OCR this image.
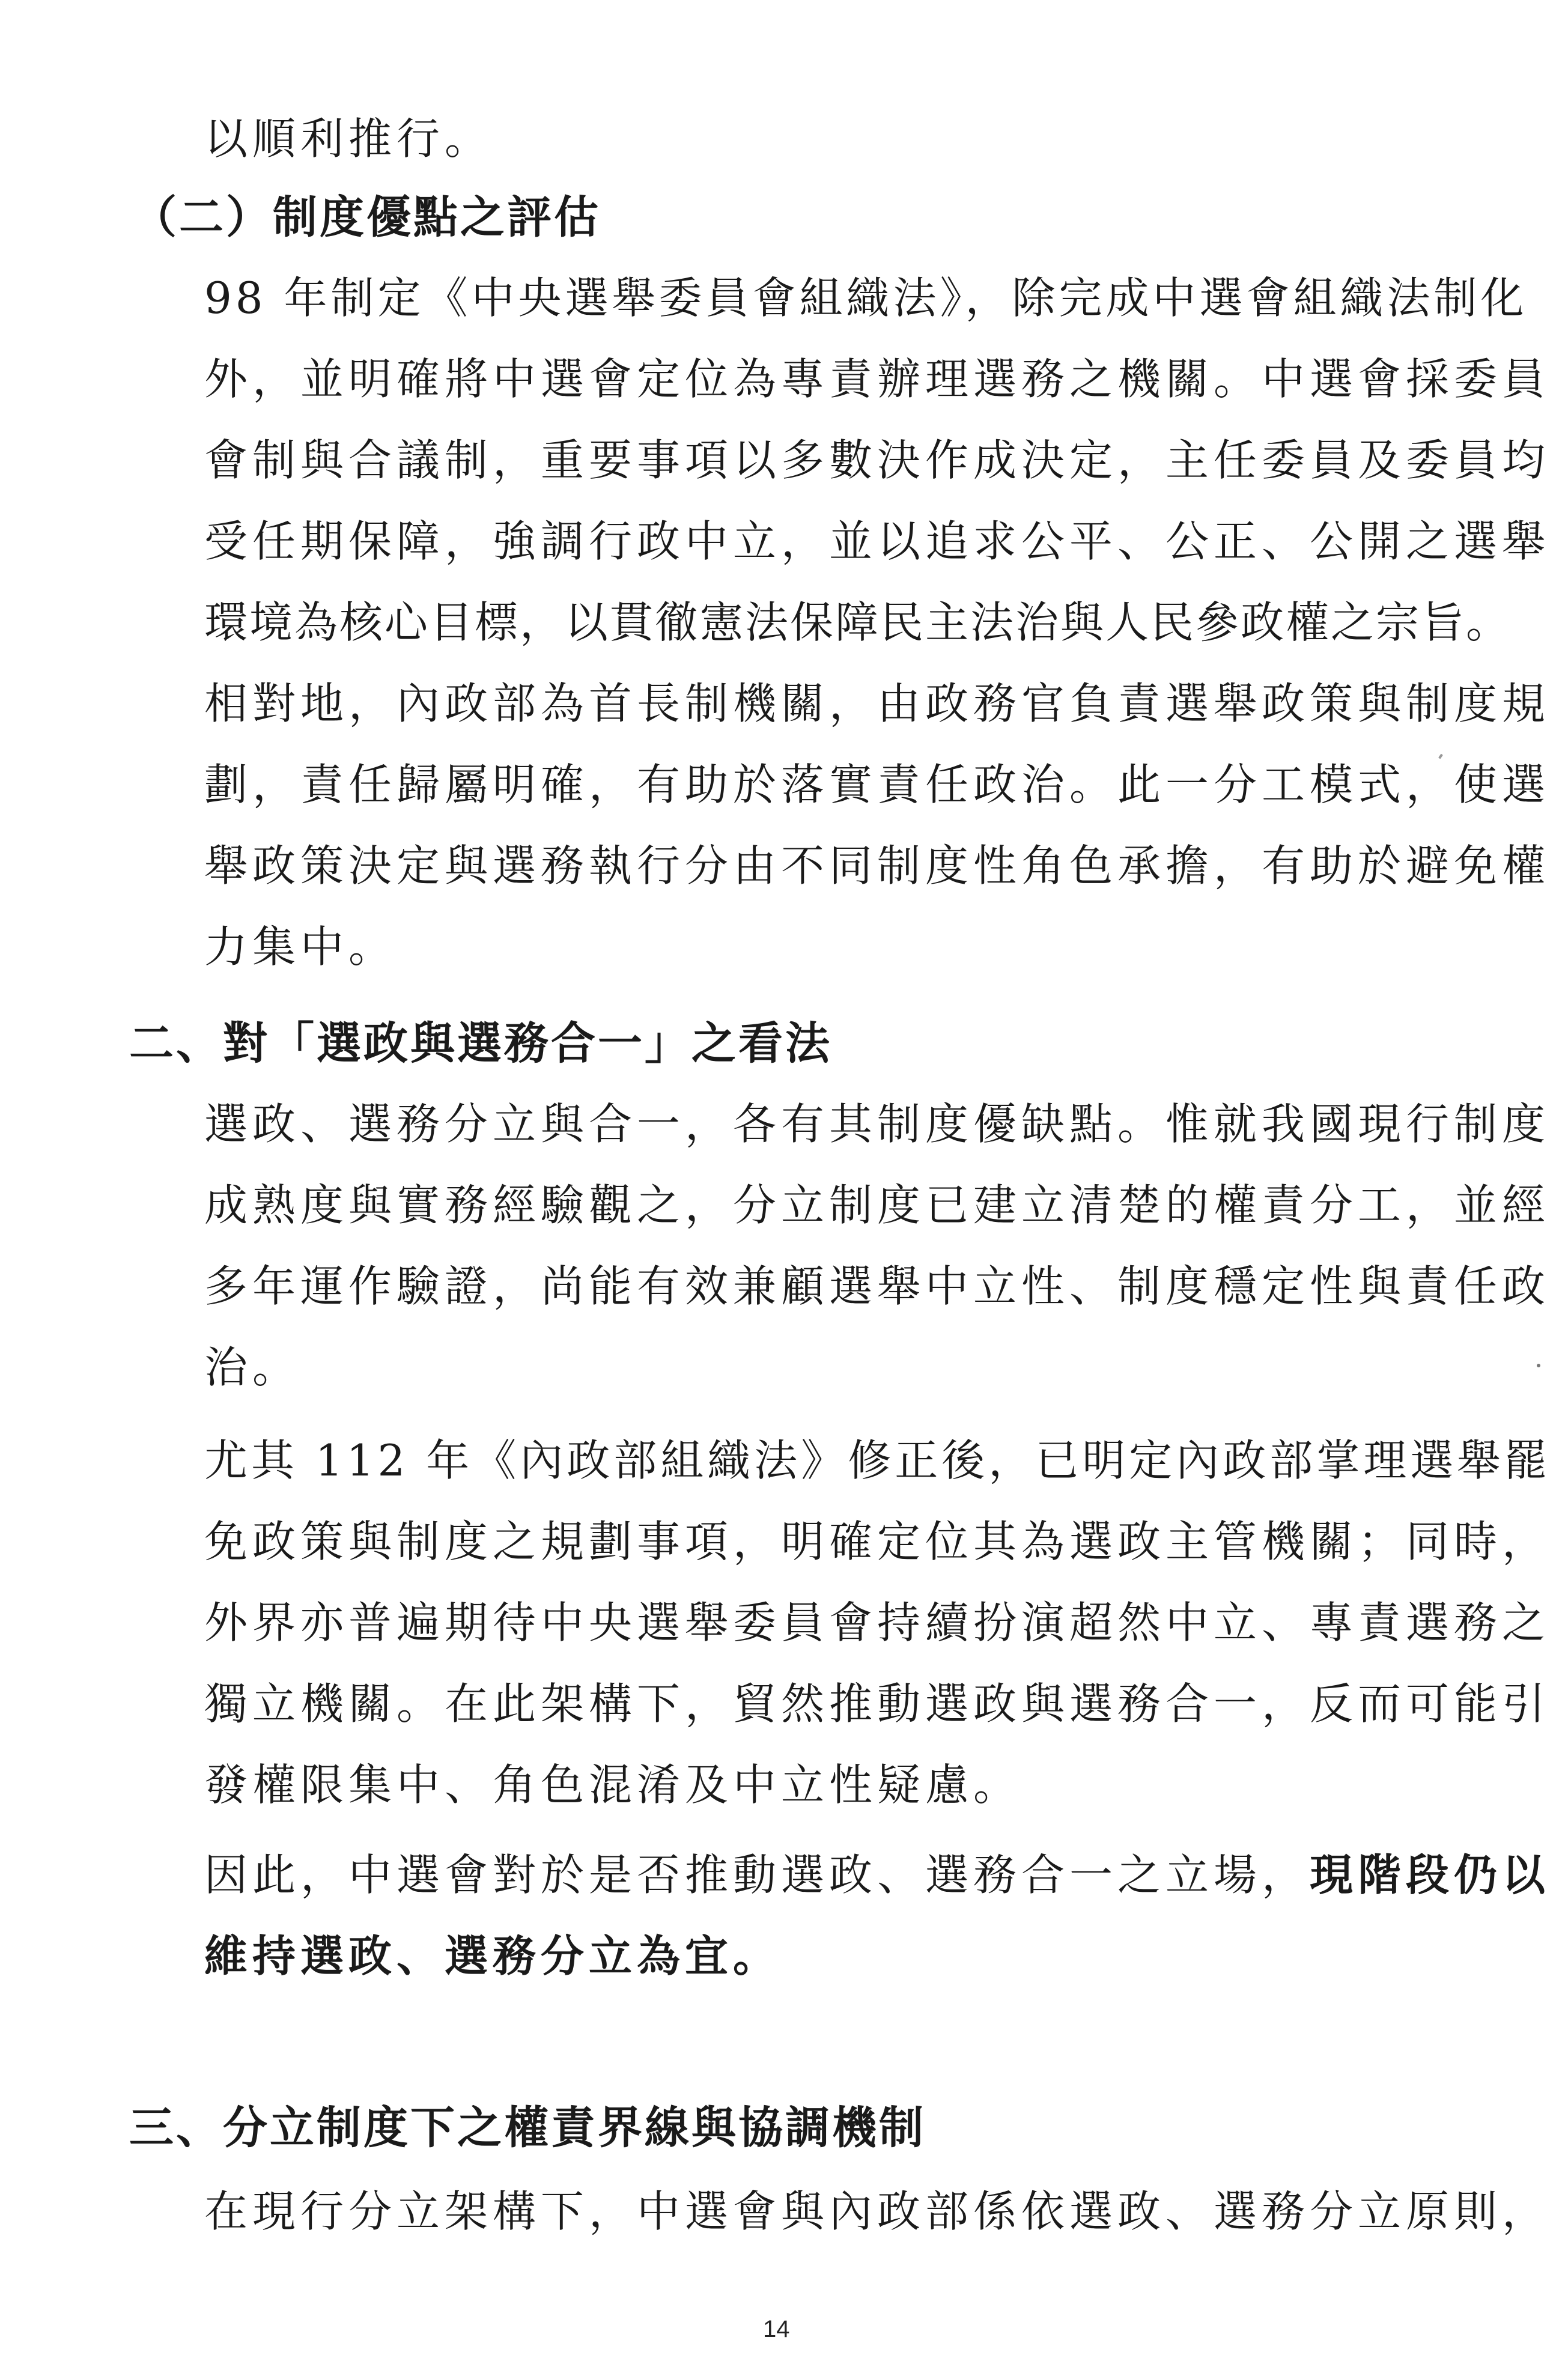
以順利推行。
（二）制度優點之評估
98 年制定《中央選舉委員會組織法》，除完成中選會組織法制化
外，並明確將中選會定位為專責辦理選務之機關。中選會採委員
會制與合議制，重要事項以多數決作成決定，主任委員及委員均
受任期保障，強調行政中立，並以追求公平、公正、公開之選舉
環境為核心目標，以貫徹憲法保障民主法治與人民參政權之宗旨。
相對地，內政部為首長制機關，由政務官負責選舉政策與制度規
劃，責任歸屬明確，有助於落實責任政治。此一分工模式，使選
舉政策決定與選務執行分由不同制度性角色承擔，有助於避免權
力集中。
二、對「選政與選務合一」之看法
選政、選務分立與合一，各有其制度優缺點。惟就我國現行制度
成熟度與實務經驗觀之，分立制度已建立清楚的權責分工，並經
多年運作驗證，尚能有效兼顧選舉中立性、制度穩定性與責任政
治。
尤其 112 年《內政部組織法》修正後，已明定內政部掌理選舉罷
免政策與制度之規劃事項，明確定位其為選政主管機關；同時，
外界亦普遍期待中央選舉委員會持續扮演超然中立、專責選務之
獨立機關。在此架構下，貿然推動選政與選務合一，反而可能引
發權限集中、角色混淆及中立性疑慮。
因此，中選會對於是否推動選政、選務合一之立場，現階段仍以
維持選政、選務分立為宜。
三、分立制度下之權責界線與協調機制
在現行分立架構下，中選會與內政部係依選政、選務分立原則，
14
